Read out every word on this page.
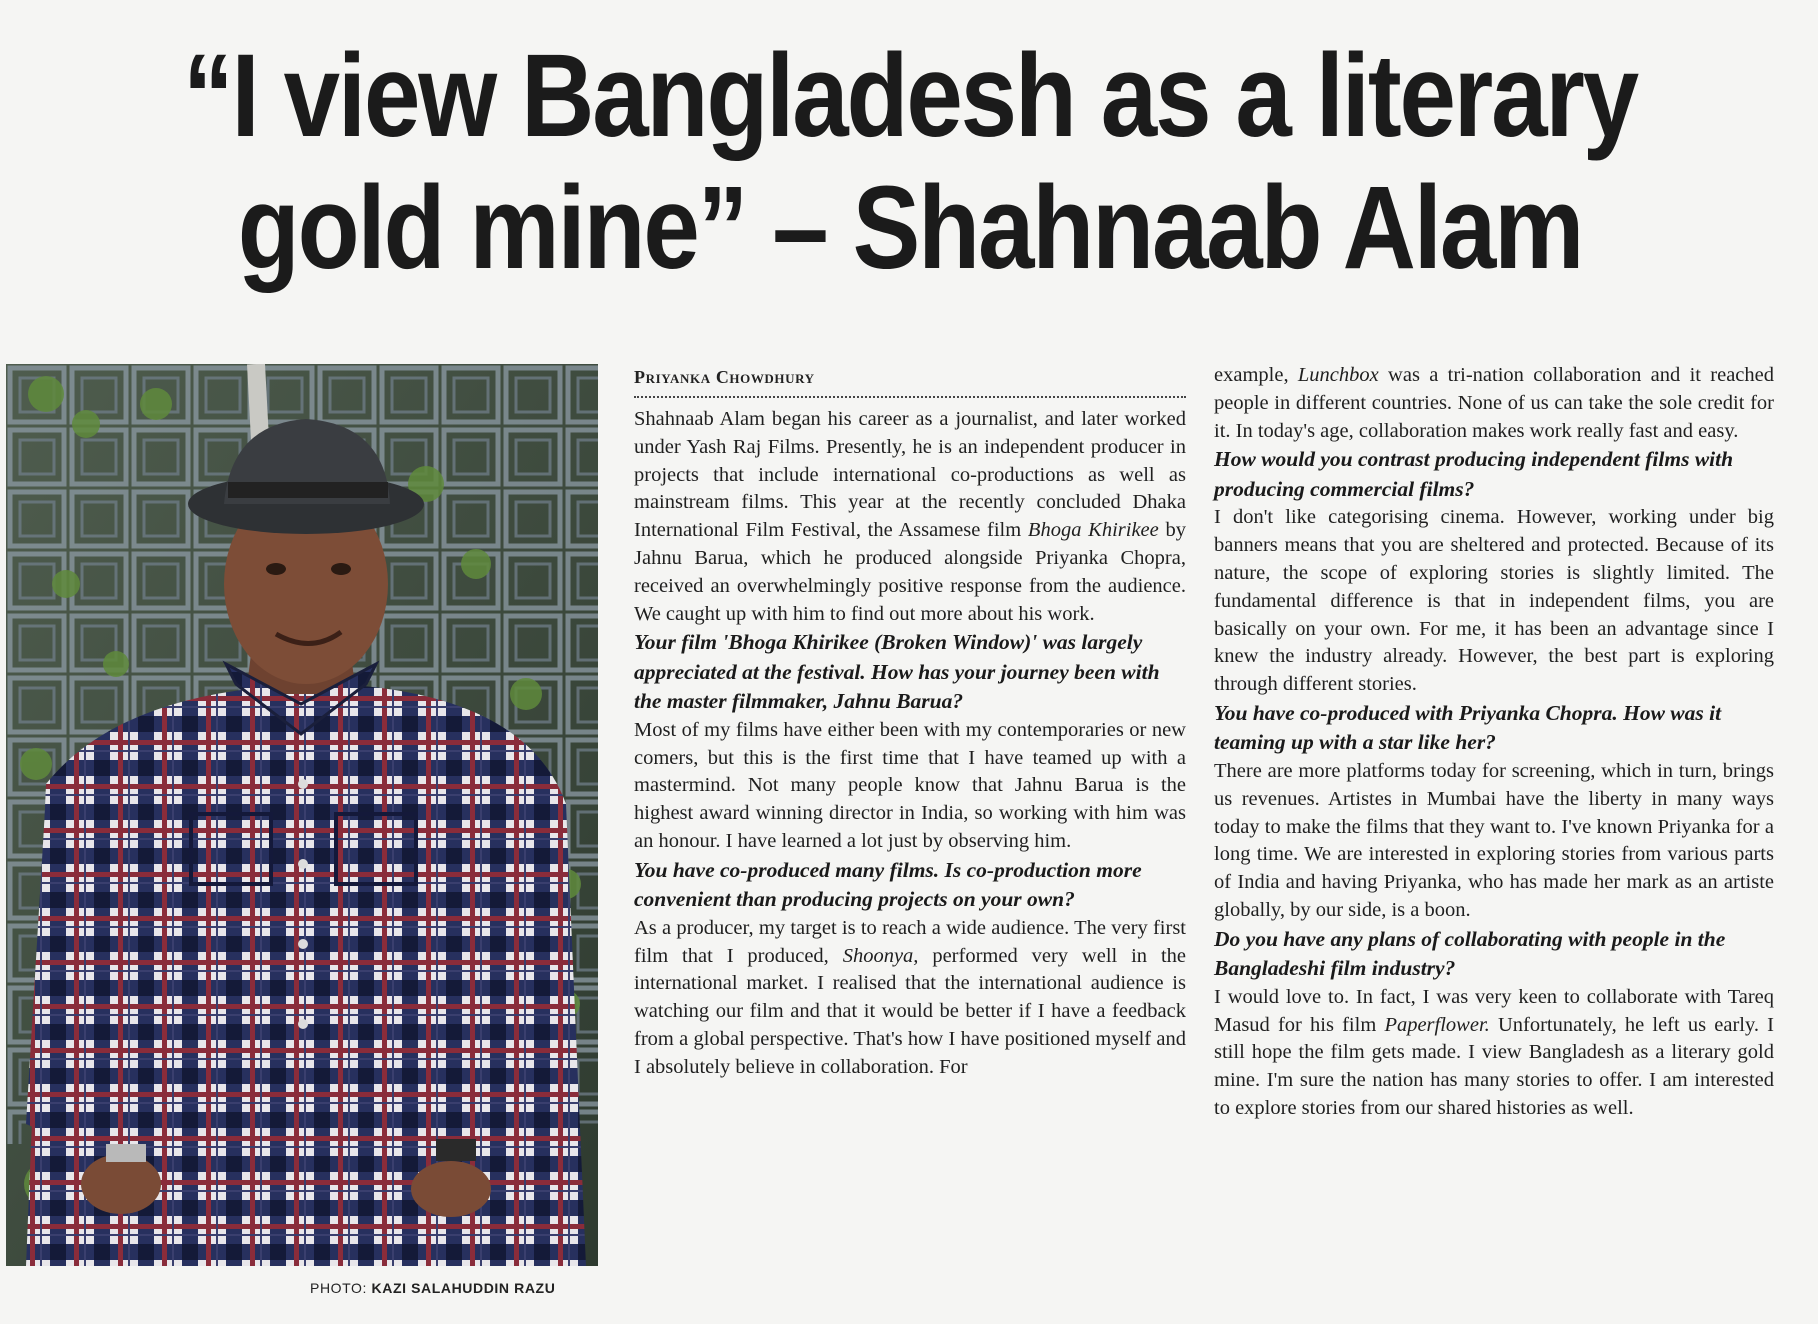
“I view Bangladesh as a literary
gold mine” – Shahnaab Alam
PHOTO: KAZI SALAHUDDIN RAZU
Priyanka Chowdhury

Shahnaab Alam began his career as a journalist, and later worked under Yash Raj Films. Presently, he is an independent producer in projects that include international co-productions as well as mainstream films. This year at the recently concluded Dhaka International Film Festival, the Assamese film Bhoga Khirikee by Jahnu Barua, which he produced alongside Priyanka Chopra, received an overwhelmingly positive response from the audience. We caught up with him to find out more about his work.

Your film 'Bhoga Khirikee (Broken Window)' was largely appreciated at the festival. How has your journey been with the master filmmaker, Jahnu Barua?

Most of my films have either been with my contemporaries or new comers, but this is the first time that I have teamed up with a mastermind. Not many people know that Jahnu Barua is the highest award winning director in India, so working with him was an honour. I have learned a lot just by observing him.

You have co-produced many films. Is co-production more convenient than producing projects on your own?

As a producer, my target is to reach a wide audience. The very first film that I produced, Shoonya, performed very well in the international market. I realised that the international audience is watching our film and that it would be better if I have a feedback from a global perspective. That's how I have positioned myself and I absolutely believe in collaboration. For

example, Lunchbox was a tri-nation collaboration and it reached people in different countries. None of us can take the sole credit for it. In today's age, collaboration makes work really fast and easy.

How would you contrast producing independent films with producing commercial films?

I don't like categorising cinema. However, working under big banners means that you are sheltered and protected. Because of its nature, the scope of exploring stories is slightly limited. The fundamental difference is that in independent films, you are basically on your own. For me, it has been an advantage since I knew the industry already. However, the best part is exploring through different stories.

You have co-produced with Priyanka Chopra. How was it teaming up with a star like her?

There are more platforms today for screening, which in turn, brings us revenues. Artistes in Mumbai have the liberty in many ways today to make the films that they want to. I've known Priyanka for a long time. We are interested in exploring stories from various parts of India and having Priyanka, who has made her mark as an artiste globally, by our side, is a boon.

Do you have any plans of collaborating with people in the Bangladeshi film industry?

I would love to. In fact, I was very keen to collaborate with Tareq Masud for his film Paperflower. Unfortunately, he left us early. I still hope the film gets made. I view Bangladesh as a literary gold mine. I'm sure the nation has many stories to offer. I am interested to explore stories from our shared histories as well.
